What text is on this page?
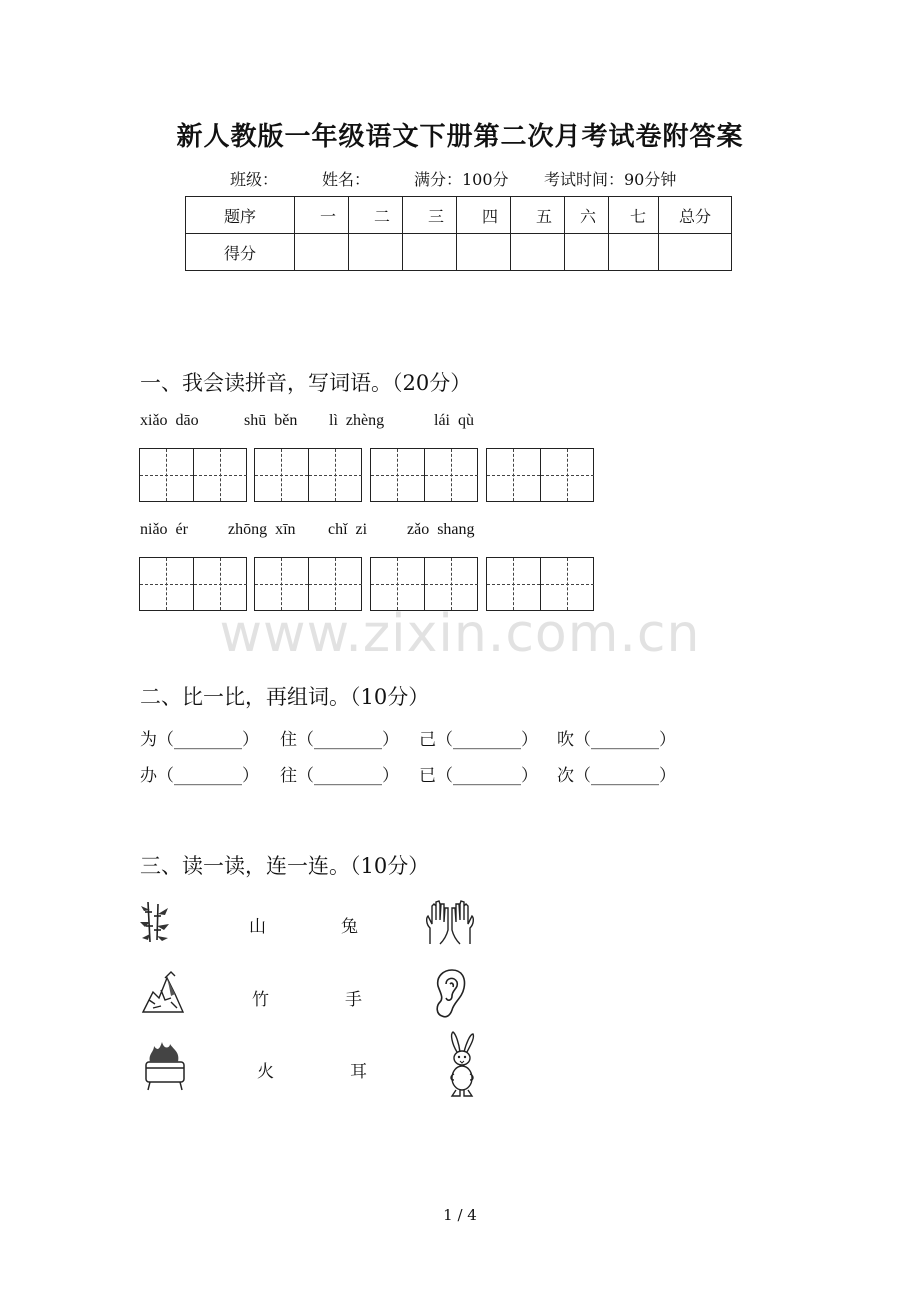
新人教版一年级语文下册第二次月考试卷附答案
班级：	姓名：	满分：100分 考试时间：90分钟
题序	一	二	三	四	五	六	七	总分
得分								
一、我会读拼音，写词语。（20分）
xiǎo  dāo	shū  běn lì  zhèng	lái  qù
niǎo  ér	zhōng  xīn chǐ  zi zǎo  shang
www.zixin.com.cn
二、比一比，再组词。（10分）
为（________） 住（________） 己（________） 吹（________）
办（________） 往（________） 已（________） 次（________）
三、读一读，连一连。（10分）
山	兔
竹	手
火	耳
1 / 4
